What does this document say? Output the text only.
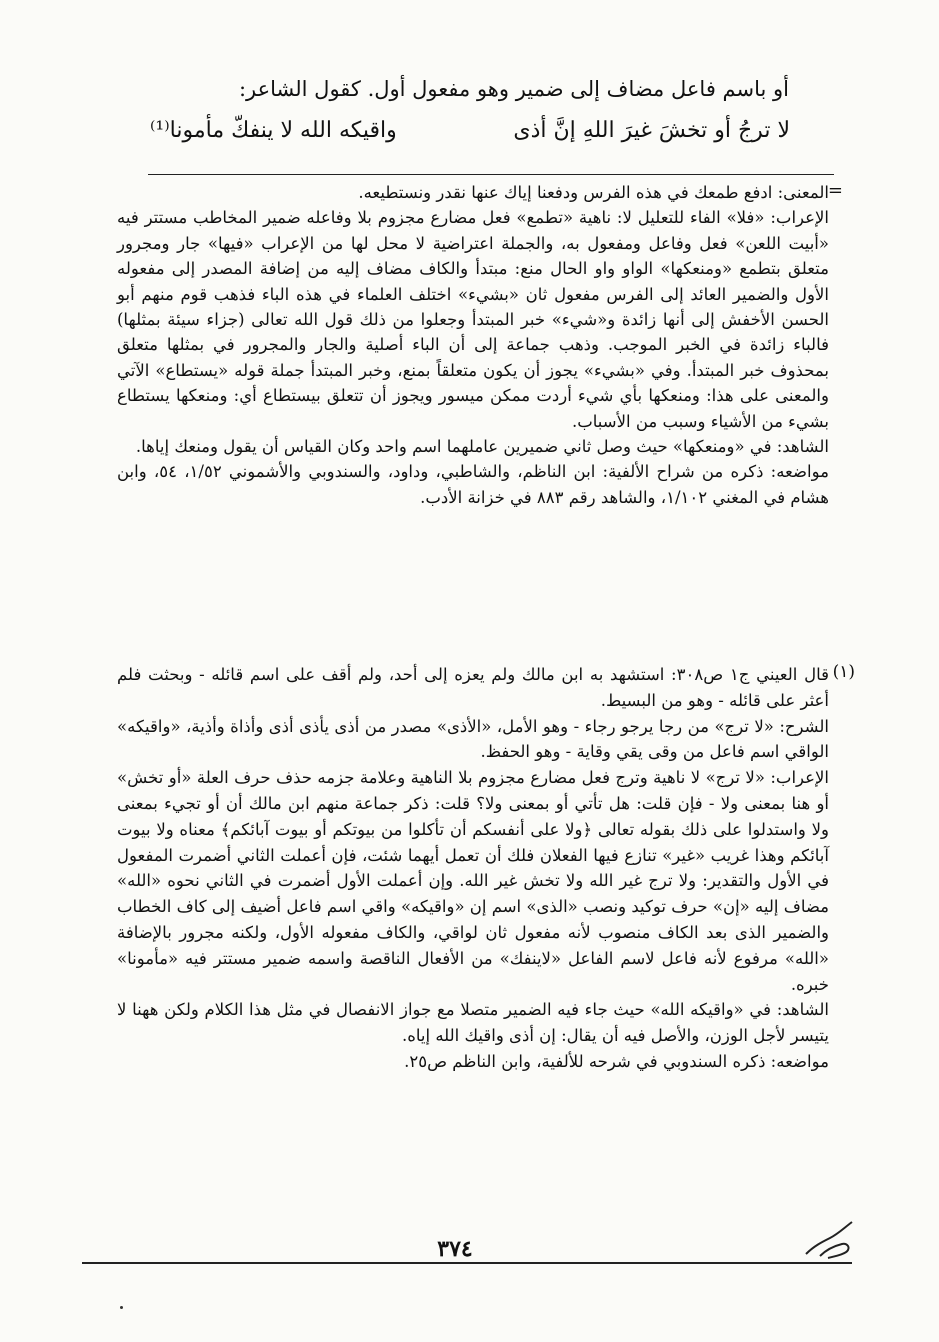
أو باسم فاعل مضاف إلى ضمير وهو مفعول أول. كقول الشاعر:
لا ترجُ أو تخشَ غيرَ اللهِ إنَّ أذى
واقيكه الله لا ينفكّ مأمونا⁽¹⁾
=

المعنى: ادفع طمعك في هذه الفرس ودفعنا إياك عنها نقدر ونستطيعه.

الإعراب: «فلا» الفاء للتعليل لا: ناهية «تطمع» فعل مضارع مجزوم بلا وفاعله ضمير المخاطب مستتر فيه «أبيت اللعن» فعل وفاعل ومفعول به، والجملة اعتراضية لا محل لها من الإعراب «فيها» جار ومجرور متعلق بتطمع «ومنعكها» الواو واو الحال منع: مبتدأ والكاف مضاف إليه من إضافة المصدر إلى مفعوله الأول والضمير العائد إلى الفرس مفعول ثان «بشيء» اختلف العلماء في هذه الباء فذهب قوم منهم أبو الحسن الأخفش إلى أنها زائدة و«شيء» خبر المبتدأ وجعلوا من ذلك قول الله تعالى (جزاء سيئة بمثلها) فالباء زائدة في الخبر الموجب. وذهب جماعة إلى أن الباء أصلية والجار والمجرور في بمثلها متعلق بمحذوف خبر المبتدأ. وفي «بشيء» يجوز أن يكون متعلقاً بمنع، وخبر المبتدأ جملة قوله «يستطاع» الآتي والمعنى على هذا: ومنعكها بأي شيء أردت ممكن ميسور ويجوز أن تتعلق بيستطاع أي: ومنعكها يستطاع بشيء من الأشياء وسبب من الأسباب.

الشاهد: في «ومنعكها» حيث وصل ثاني ضميرين عاملهما اسم واحد وكان القياس أن يقول ومنعك إياها.

مواضعه: ذكره من شراح الألفية: ابن الناظم، والشاطبي، وداود، والسندوبي والأشموني ١/٥٢، ٥٤، وابن هشام في المغني ١/١٠٢، والشاهد رقم ٨٨٣ في خزانة الأدب.

(١)

قال العيني ج١ ص٣٠٨: استشهد به ابن مالك ولم يعزه إلى أحد، ولم أقف على اسم قائله - وبحثت فلم أعثر على قائله - وهو من البسيط.

الشرح: «لا ترج» من رجا يرجو رجاء - وهو الأمل، «الأذى» مصدر من أذى يأذى أذى وأذاة وأذية، «واقيكه» الواقي اسم فاعل من وقى يقي وقاية - وهو الحفظ.

الإعراب: «لا ترج» لا ناهية وترج فعل مضارع مجزوم بلا الناهية وعلامة جزمه حذف حرف العلة «أو تخش» أو هنا بمعنى ولا - فإن قلت: هل تأتي أو بمعنى ولا؟ قلت: ذكر جماعة منهم ابن مالك أن أو تجيء بمعنى ولا واستدلوا على ذلك بقوله تعالى ﴿ولا على أنفسكم أن تأكلوا من بيوتكم أو بيوت آبائكم﴾ معناه ولا بيوت آبائكم وهذا غريب «غير» تنازع فيها الفعلان فلك أن تعمل أيهما شئت، فإن أعملت الثاني أضمرت المفعول في الأول والتقدير: ولا ترج غير الله ولا تخش غير الله. وإن أعملت الأول أضمرت في الثاني نحوه «الله» مضاف إليه «إن» حرف توكيد ونصب «الذى» اسم إن «واقيكه» واقي اسم فاعل أضيف إلى كاف الخطاب والضمير الذى بعد الكاف منصوب لأنه مفعول ثان لواقي، والكاف مفعوله الأول، ولكنه مجرور بالإضافة «الله» مرفوع لأنه فاعل لاسم الفاعل «لاينفك» من الأفعال الناقصة واسمه ضمير مستتر فيه «مأمونا» خبره.

الشاهد: في «واقيكه الله» حيث جاء فيه الضمير متصلا مع جواز الانفصال في مثل هذا الكلام ولكن ههنا لا يتيسر لأجل الوزن، والأصل فيه أن يقال: إن أذى واقيك الله إياه.

مواضعه: ذكره السندوبي في شرحه للألفية، وابن الناظم ص٢٥.

٣٧٤
